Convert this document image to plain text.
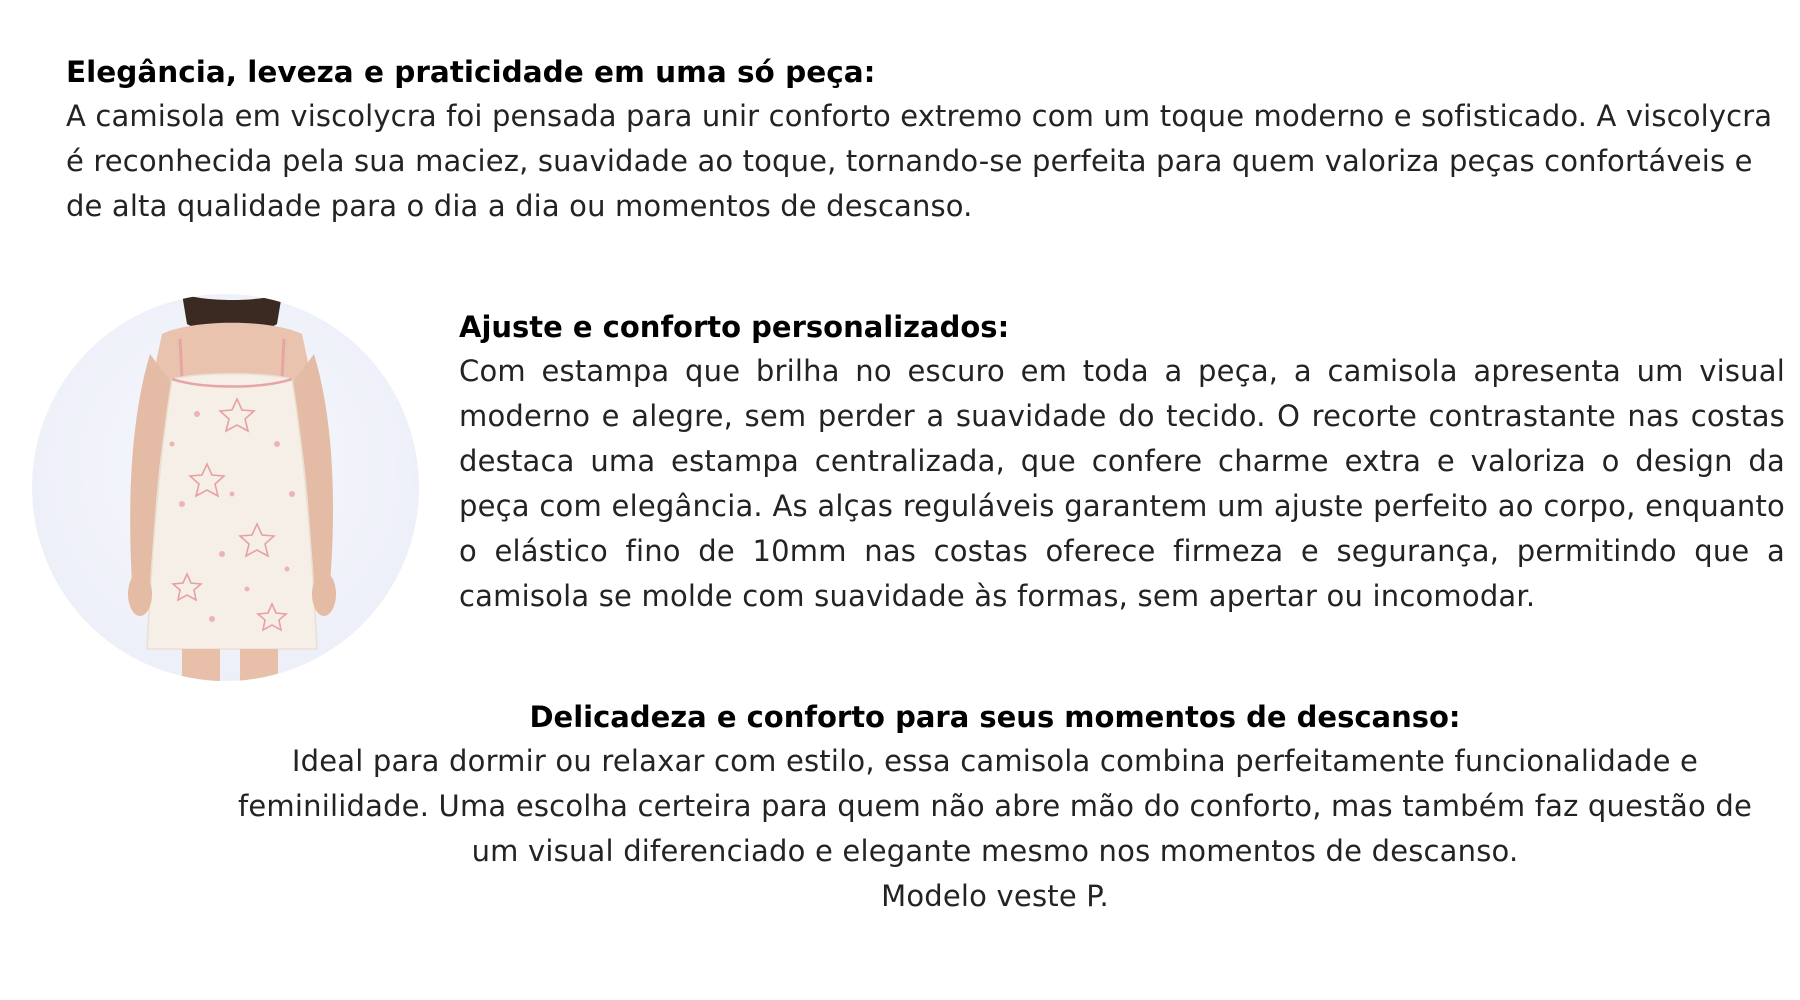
Elegância, leveza e praticidade em uma só peça:
A camisola em viscolycra foi pensada para unir conforto extremo com um toque moderno e sofisticado. A viscolycra é reconhecida pela sua maciez, suavidade ao toque, tornando-se perfeita para quem valoriza peças confortáveis e de alta qualidade para o dia a dia ou momentos de descanso.
Ajuste e conforto personalizados:
Com estampa que brilha no escuro em toda a peça, a camisola apresenta um visual moderno e alegre, sem perder a suavidade do tecido. O recorte contrastante nas costas destaca uma estampa centralizada, que confere charme extra e valoriza o design da peça com elegância. As alças reguláveis garantem um ajuste perfeito ao corpo, enquanto o elástico fino de 10mm nas costas oferece firmeza e segurança, permitindo que a camisola se molde com suavidade às formas, sem apertar ou incomodar.
Delicadeza e conforto para seus momentos de descanso:
Ideal para dormir ou relaxar com estilo, essa camisola combina perfeitamente funcionalidade e feminilidade. Uma escolha certeira para quem não abre mão do conforto, mas também faz questão de um visual diferenciado e elegante mesmo nos momentos de descanso.
Modelo veste P.
